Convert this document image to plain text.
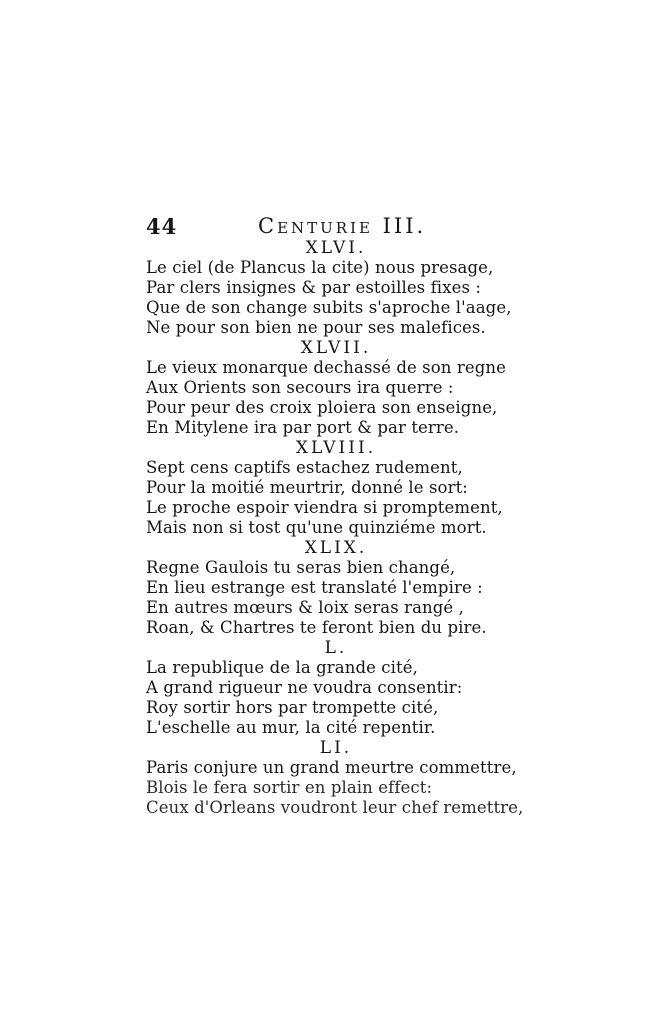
44	Centurie III.
XLVI.
Le ciel (de Plancus la cite) nous presage,
Par clers insignes & par estoilles fixes :
Que de son change subits s'aproche l'aage,
Ne pour son bien ne pour ses malefices.
XLVII.
Le vieux monarque dechassé de son regne
Aux Orients son secours ira querre :
Pour peur des croix ploiera son enseigne,
En Mitylene ira par port & par terre.
XLVIII.
Sept cens captifs estachez rudement,
Pour la moitié meurtrir, donné le sort:
Le proche espoir viendra si promptement,
Mais non si tost qu'une quinziéme mort.
XLIX.
Regne Gaulois tu seras bien changé,
En lieu estrange est translaté l'empire :
En autres mœurs & loix seras rangé ,
Roan, & Chartres te feront bien du pire.
L.
La republique de la grande cité,
A grand rigueur ne voudra consentir:
Roy sortir hors par trompette cité,
L'eschelle au mur, la cité repentir.
LI.
Paris conjure un grand meurtre commettre,
Blois le fera sortir en plain effect:
Ceux d'Orleans voudront leur chef remettre,
